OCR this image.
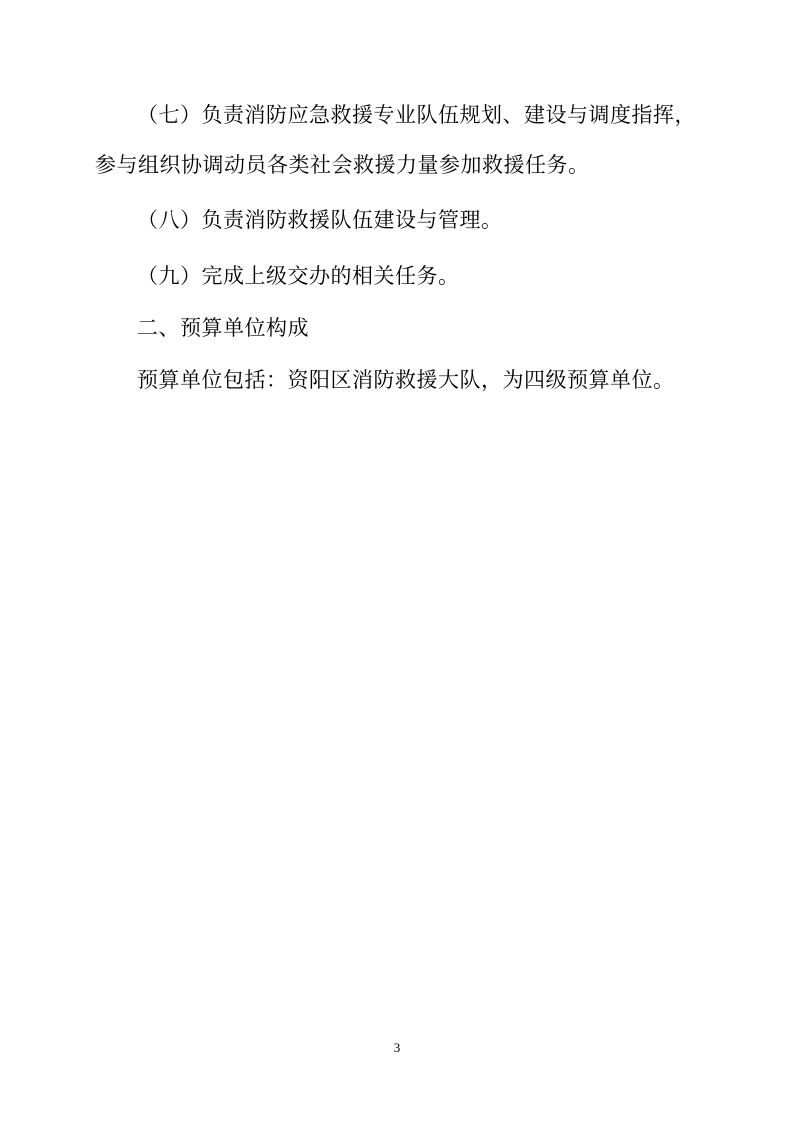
（七）负责消防应急救援专业队伍规划、建设与调度指挥，
参与组织协调动员各类社会救援力量参加救援任务。
（八）负责消防救援队伍建设与管理。
（九）完成上级交办的相关任务。
二、预算单位构成
预算单位包括：资阳区消防救援大队，为四级预算单位。
3
